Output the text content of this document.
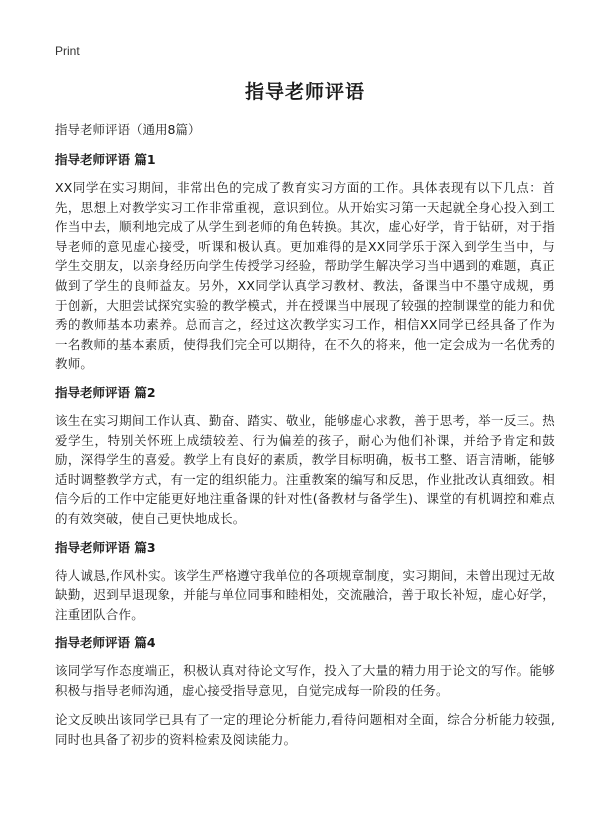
Print
指导老师评语
指导老师评语（通用8篇）
指导老师评语 篇1

XX同学在实习期间，非常出色的完成了教育实习方面的工作。具体表现有以下几点：首先，思想上对教学实习工作非常重视，意识到位。从开始实习第一天起就全身心投入到工作当中去，顺利地完成了从学生到老师的角色转换。其次，虚心好学，肯于钻研，对于指导老师的意见虚心接受，听课和极认真。更加难得的是XX同学乐于深入到学生当中，与学生交朋友，以亲身经历向学生传授学习经验，帮助学生解决学习当中遇到的难题，真正做到了学生的良师益友。另外，XX同学认真学习教材、教法，备课当中不墨守成规，勇于创新，大胆尝试探究实验的教学模式，并在授课当中展现了较强的控制课堂的能力和优秀的教师基本功素养。总而言之，经过这次教学实习工作，相信XX同学已经具备了作为一名教师的基本素质，使得我们完全可以期待，在不久的将来，他一定会成为一名优秀的教师。

指导老师评语 篇2

该生在实习期间工作认真、勤奋、踏实、敬业，能够虚心求教，善于思考，举一反三。热爱学生，特别关怀班上成绩较差、行为偏差的孩子，耐心为他们补课，并给予肯定和鼓励，深得学生的喜爱。教学上有良好的素质，教学目标明确，板书工整、语言清晰，能够适时调整教学方式，有一定的组织能力。注重教案的编写和反思，作业批改认真细致。相信今后的工作中定能更好地注重备课的针对性(备教材与备学生)、课堂的有机调控和难点的有效突破，使自己更快地成长。

指导老师评语 篇3

待人诚恳,作风朴实。该学生严格遵守我单位的各项规章制度，实习期间，未曾出现过无故缺勤，迟到早退现象，并能与单位同事和睦相处，交流融洽，善于取长补短，虚心好学，注重团队合作。

指导老师评语 篇4

该同学写作态度端正，积极认真对待论文写作，投入了大量的精力用于论文的写作。能够积极与指导老师沟通，虚心接受指导意见，自觉完成每一阶段的任务。

论文反映出该同学已具有了一定的理论分析能力,看待问题相对全面，综合分析能力较强,同时也具备了初步的资料检索及阅读能力。
